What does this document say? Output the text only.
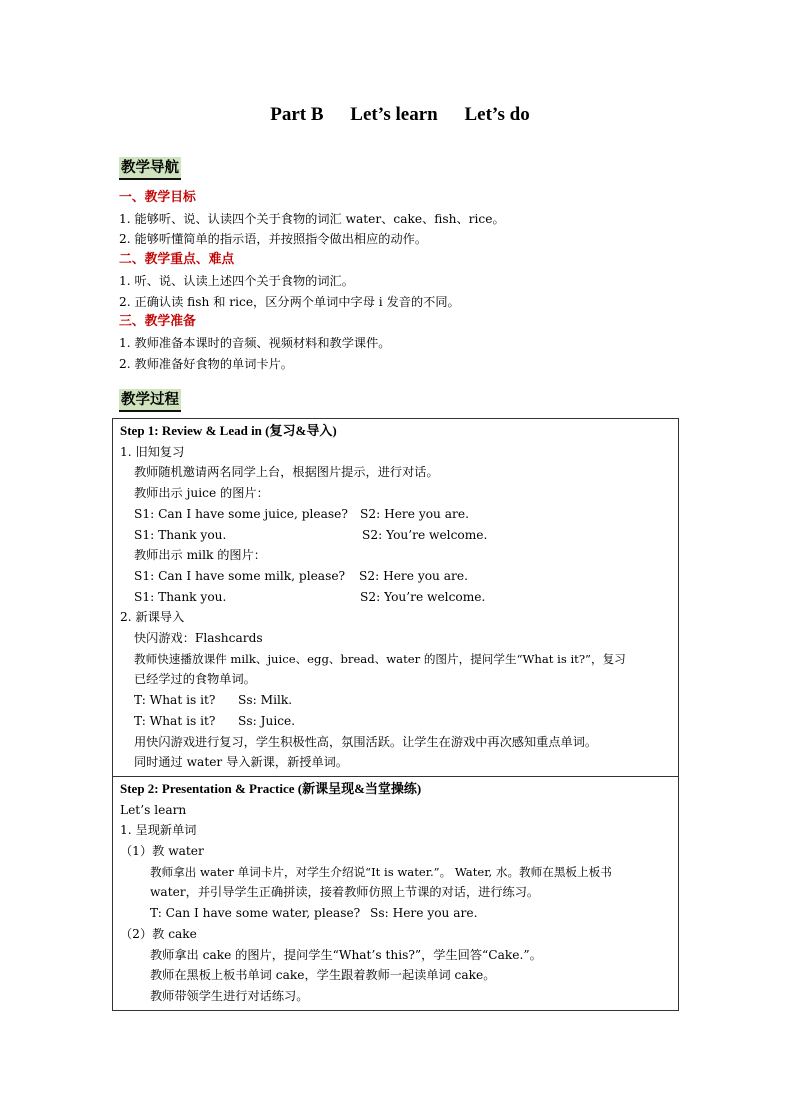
Part B Let’s learn Let’s do
教学导航
一、教学目标
1. 能够听、说、认读四个关于食物的词汇 water、cake、fish、rice。
2. 能够听懂简单的指示语，并按照指令做出相应的动作。
二、教学重点、难点
1. 听、说、认读上述四个关于食物的词汇。
2. 正确认读 fish 和 rice，区分两个单词中字母 i 发音的不同。
三、教学准备
1. 教师准备本课时的音频、视频材料和教学课件。
2. 教师准备好食物的单词卡片。
教学过程
Step 1: Review & Lead in (复习&导入)
1. 旧知复习
教师随机邀请两名同学上台，根据图片提示，进行对话。
教师出示 juice 的图片：
S1: Can I have some juice, please? S2: Here you are.
S1: Thank you.	S2: You’re welcome.
教师出示 milk 的图片：
S1: Can I have some milk, please?	S2: Here you are.
S1: Thank you.	S2: You’re welcome.
2. 新课导入
快闪游戏：Flashcards
教师快速播放课件 milk、juice、egg、bread、water 的图片，提问学生“What is it?”，复习
已经学过的食物单词。
T: What is it?	Ss: Milk.
T: What is it?	Ss: Juice.
用快闪游戏进行复习，学生积极性高，氛围活跃。让学生在游戏中再次感知重点单词。
同时通过 water 导入新课，新授单词。

Step 2: Presentation & Practice (新课呈现&当堂操练)
Let’s learn
1. 呈现新单词
（1）教 water
教师拿出 water 单词卡片，对学生介绍说“It is water.”。 Water, 水。教师在黑板上板书
water，并引导学生正确拼读，接着教师仿照上节课的对话，进行练习。
T: Can I have some water, please? Ss: Here you are.
（2）教 cake
教师拿出 cake 的图片，提问学生“What’s this?”，学生回答“Cake.”。
教师在黑板上板书单词 cake，学生跟着教师一起读单词 cake。
教师带领学生进行对话练习。
